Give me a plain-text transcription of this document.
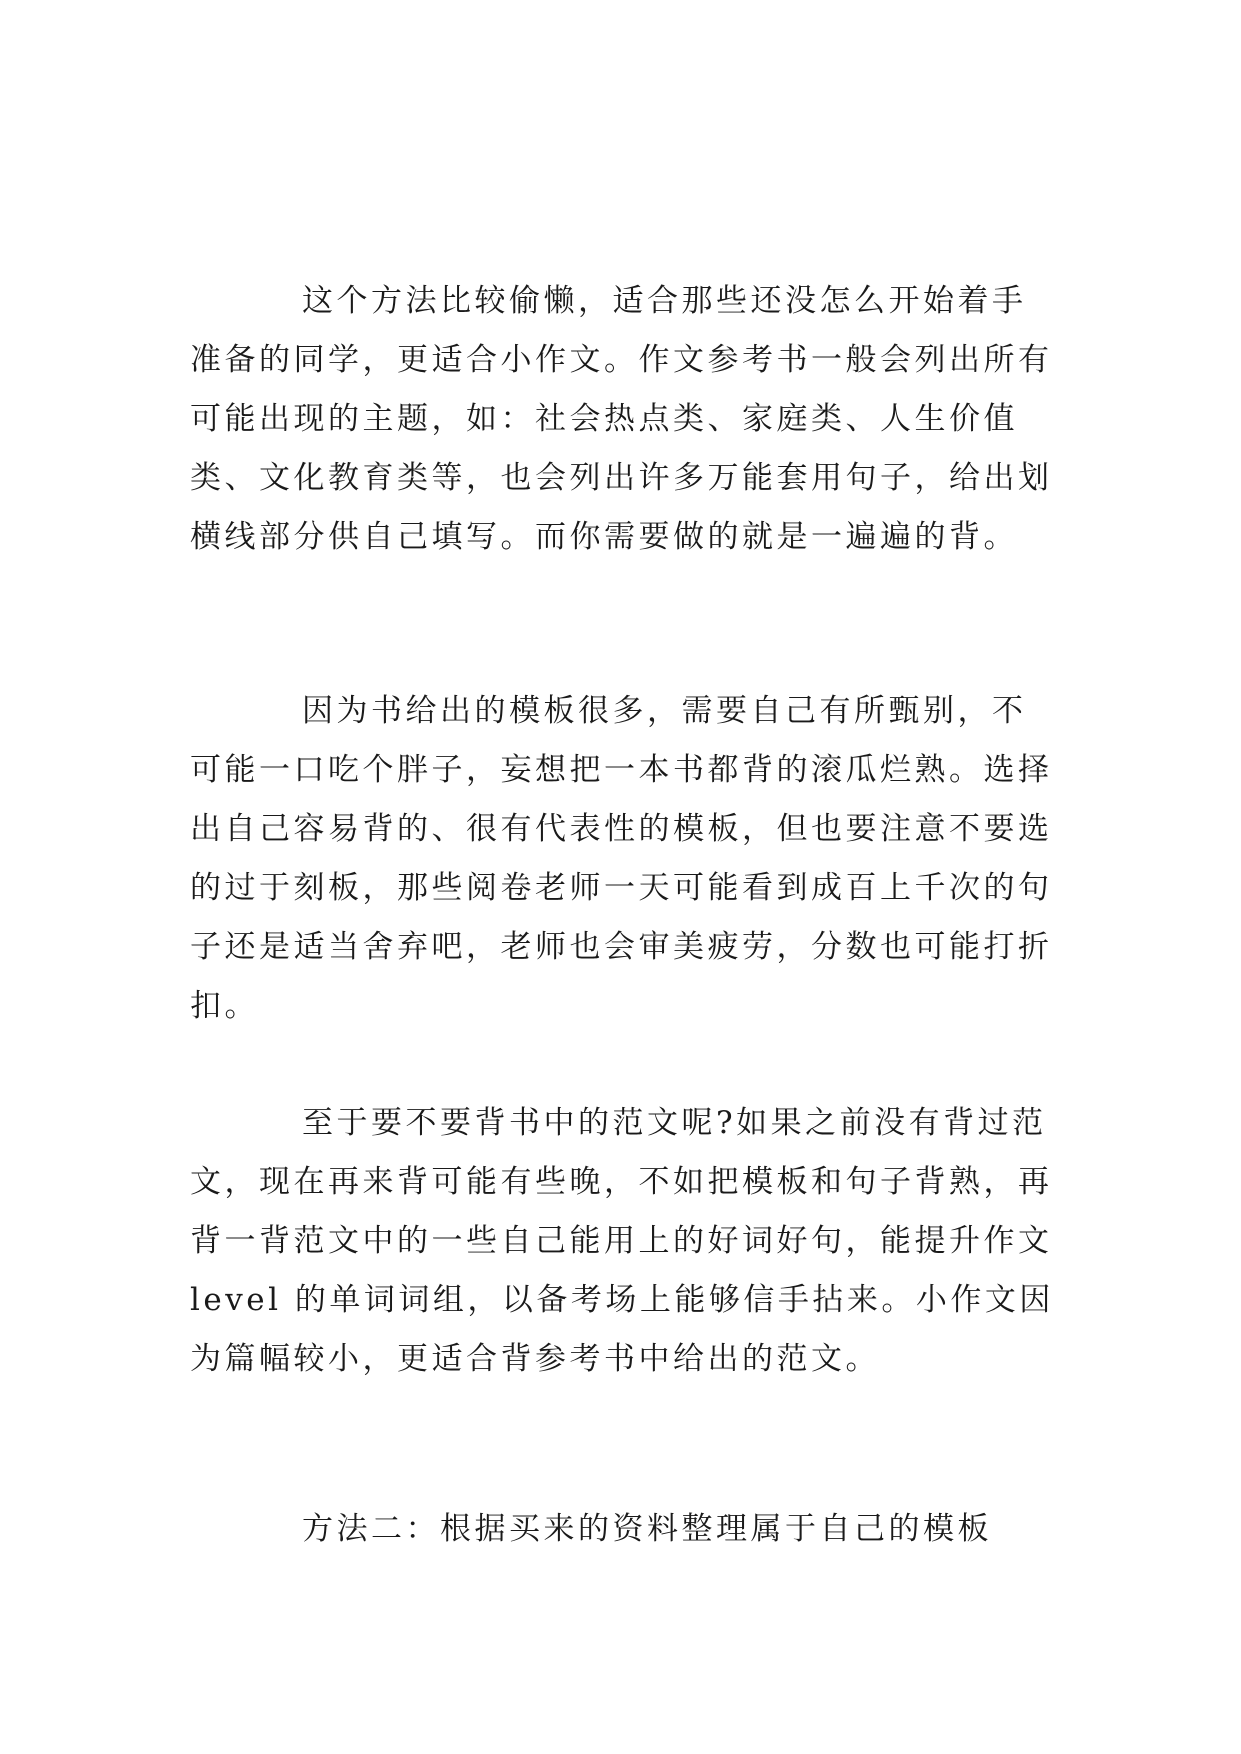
这个方法比较偷懒，适合那些还没怎么开始着手准备的同学，更适合小作文。作文参考书一般会列出所有可能出现的主题，如：社会热点类、家庭类、人生价值类、文化教育类等，也会列出许多万能套用句子，给出划横线部分供自己填写。而你需要做的就是一遍遍的背。

因为书给出的模板很多，需要自己有所甄别，不可能一口吃个胖子，妄想把一本书都背的滚瓜烂熟。选择出自己容易背的、很有代表性的模板，但也要注意不要选的过于刻板，那些阅卷老师一天可能看到成百上千次的句子还是适当舍弃吧，老师也会审美疲劳，分数也可能打折扣。

至于要不要背书中的范文呢?如果之前没有背过范文，现在再来背可能有些晚，不如把模板和句子背熟，再背一背范文中的一些自己能用上的好词好句，能提升作文 level 的单词词组，以备考场上能够信手拈来。小作文因为篇幅较小，更适合背参考书中给出的范文。

方法二：根据买来的资料整理属于自己的模板
